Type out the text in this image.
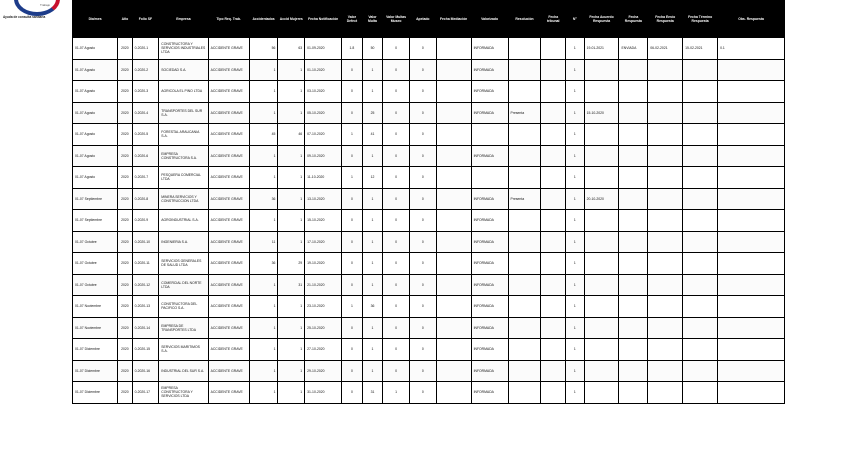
Trabajo
Ayuda de consulta sanitaria	Día/mes	Año	Folio SF	Empresa	Tipo Req. Trab.	Accidentados	Accid Mujeres	Fecha Notificación	Valor Defect	Valor Multa	Valor Multas Museo	Apelado	Fecha Mediación	Valorizado	Resolución	Fecha tribunal	N°	Fecha Acuerdo Respuesta	Fecha Respuesta	Fecha Envío Respuesta	Fecha Término Respuesta	Obs. Respuesta
01-07 Agosto	2020	0-2020-1	CONSTRUCTORA Y SERVICIOS INDUSTRIALES LTDA	ACCIDENTE GRAVE	56	63	01-09-2020	1.8	50	0	0		INFORMADA			1	19-01-2021	ENVIADA	06-02-2021	15-02-2021	0.1
01-07 Agosto	2020	0-2020-2	SOCIEDAD S.A.	ACCIDENTE GRAVE	1	1	01-10-2020	0	1	0	0		INFORMADA			1					
01-07 Agosto	2020	0-2020-3	AGRICOLA EL PINO LTDA	ACCIDENTE GRAVE	1	1	03-10-2020	0	1	0	0		INFORMADA			1					
01-07 Agosto	2020	0-2020-4	TRANSPORTES DEL SUR S.A.	ACCIDENTE GRAVE	1	1	05-10-2020	0	25	0	0		INFORMADA	Presenta		1	15-10-2020				
01-07 Agosto	2020	0-2020-5	FORESTAL ARAUCANIA S.A.	ACCIDENTE GRAVE	45	46	07-10-2020	1	41	0	0					1					
01-07 Agosto	2020	0-2020-6	EMPRESA CONSTRUCTORA S.A.	ACCIDENTE GRAVE	1	1	09-10-2020	0	1	0	0		INFORMADA			1					
01-07 Agosto	2020	0-2020-7	PESQUERA COMERCIAL LTDA	ACCIDENTE GRAVE	1	1	11-10-2020	1	12	0	0					1					
01-07 Septiembre	2020	0-2020-8	MINERA SERVICIOS Y CONSTRUCCION LTDA	ACCIDENTE GRAVE	36	1	13-10-2020	0	1	0	0		INFORMADA	Presenta		1	20-10-2020				
01-07 Septiembre	2020	0-2020-9	AGROINDUSTRIAL S.A.	ACCIDENTE GRAVE	1	1	15-10-2020	0	1	0	0		INFORMADA			1					
01-07 Octubre	2020	0-2020-10	INGENIERIA S.A.	ACCIDENTE GRAVE	11	1	17-10-2020	0	1	0	0		INFORMADA			1					
01-07 Octubre	2020	0-2020-11	SERVICIOS GENERALES DE SALUD LTDA	ACCIDENTE GRAVE	36	29	19-10-2020	0	1	0	0		INFORMADA			1					
01-07 Octubre	2020	0-2020-12	COMERCIAL DEL NORTE LTDA	ACCIDENTE GRAVE	1	31	21-10-2020	0	1	0	0		INFORMADA			1					
01-07 Noviembre	2020	0-2020-13	CONSTRUCTORA DEL PACIFICO S.A.	ACCIDENTE GRAVE	1	1	23-10-2020	1	36	0	0		INFORMADA			1					
01-07 Noviembre	2020	0-2020-14	EMPRESA DE TRANSPORTES LTDA	ACCIDENTE GRAVE	1	1	25-10-2020	0	1	0	0		INFORMADA			1					
01-07 Diciembre	2020	0-2020-15	SERVICIOS MARITIMOS S.A.	ACCIDENTE GRAVE	1	1	27-10-2020	0	1	0	0		INFORMADA			1					
01-07 Diciembre	2020	0-2020-16	INDUSTRIAL DEL SUR S.A.	ACCIDENTE GRAVE	1	1	29-10-2020	0	1	0	0		INFORMADA			1					
01-07 Diciembre	2020	0-2020-17	EMPRESA CONSTRUCTORA Y SERVICIOS LTDA	ACCIDENTE GRAVE	1	1	31-10-2020	0	31	1	0		INFORMADA			1					
